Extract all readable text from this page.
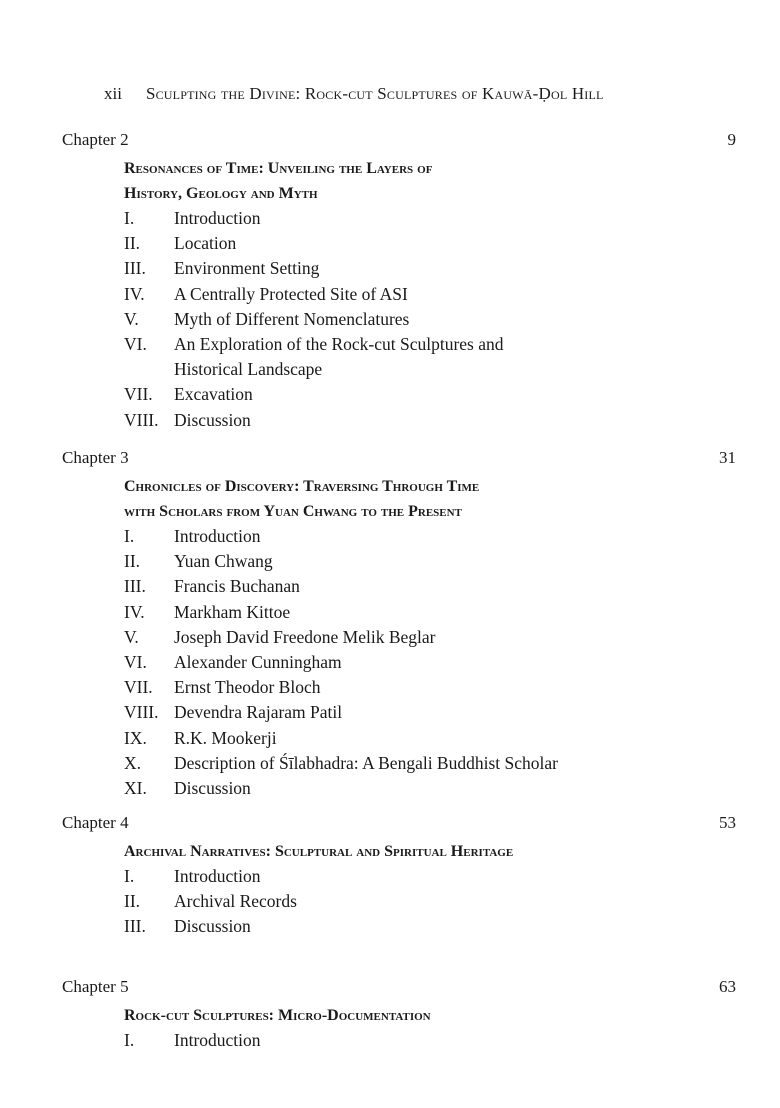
xii Sculpting the Divine: Rock-cut Sculptures of Kauwā-Ḍol Hill
Chapter 2	9
Resonances of Time: Unveiling the Layers of
History, Geology and Myth
I. Introduction
II. Location
III. Environment Setting
IV. A Centrally Protected Site of ASI
V. Myth of Different Nomenclatures
VI. An Exploration of the Rock-cut Sculptures and
Historical Landscape
VII. Excavation
VIII. Discussion
Chapter 3	31
Chronicles of Discovery: Traversing Through Time
with Scholars from Yuan Chwang to the Present
I. Introduction
II. Yuan Chwang
III. Francis Buchanan
IV. Markham Kittoe
V. Joseph David Freedone Melik Beglar
VI. Alexander Cunningham
VII. Ernst Theodor Bloch
VIII. Devendra Rajaram Patil
IX. R.K. Mookerji
X. Description of Śīlabhadra: A Bengali Buddhist Scholar
XI. Discussion
Chapter 4	53
Archival Narratives: Sculptural and Spiritual Heritage
I. Introduction
II. Archival Records
III. Discussion
Chapter 5	63
Rock-cut Sculptures: Micro-Documentation
I. Introduction
